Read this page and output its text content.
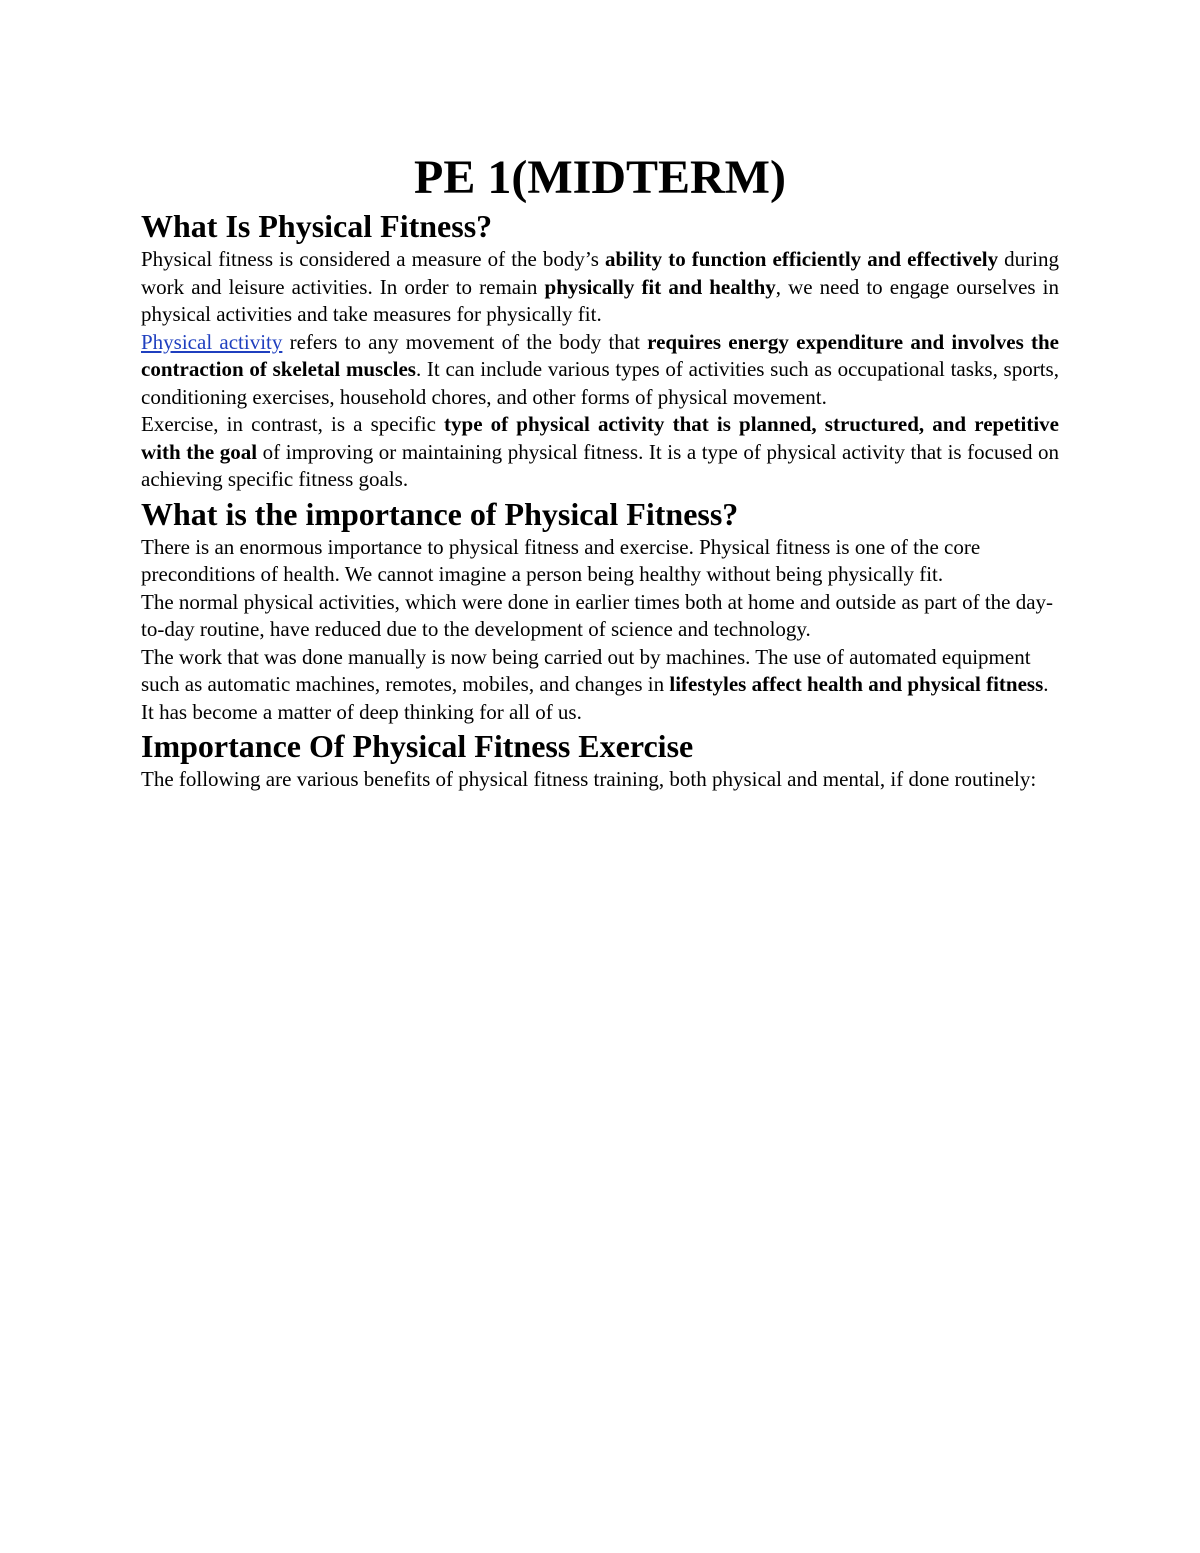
PE 1(MIDTERM)
What Is Physical Fitness?

Physical fitness is considered a measure of the body’s ability to function efficiently and effectively during work and leisure activities. In order to remain physically fit and healthy, we need to engage ourselves in physical activities and take measures for physically fit.

Physical activity refers to any movement of the body that requires energy expenditure and involves the contraction of skeletal muscles. It can include various types of activities such as occupational tasks, sports, conditioning exercises, household chores, and other forms of physical movement.

Exercise, in contrast, is a specific type of physical activity that is planned, structured, and repetitive with the goal of improving or maintaining physical fitness. It is a type of physical activity that is focused on achieving specific fitness goals.

What is the importance of Physical Fitness?

There is an enormous importance to physical fitness and exercise. Physical fitness is one of the core preconditions of health. We cannot imagine a person being healthy without being physically fit.

The normal physical activities, which were done in earlier times both at home and outside as part of the day-to-day routine, have reduced due to the development of science and technology.

The work that was done manually is now being carried out by machines. The use of automated equipment such as automatic machines, remotes, mobiles, and changes in lifestyles affect health and physical fitness. It has become a matter of deep thinking for all of us.

Importance Of Physical Fitness Exercise

The following are various benefits of physical fitness training, both physical and mental, if done routinely:
